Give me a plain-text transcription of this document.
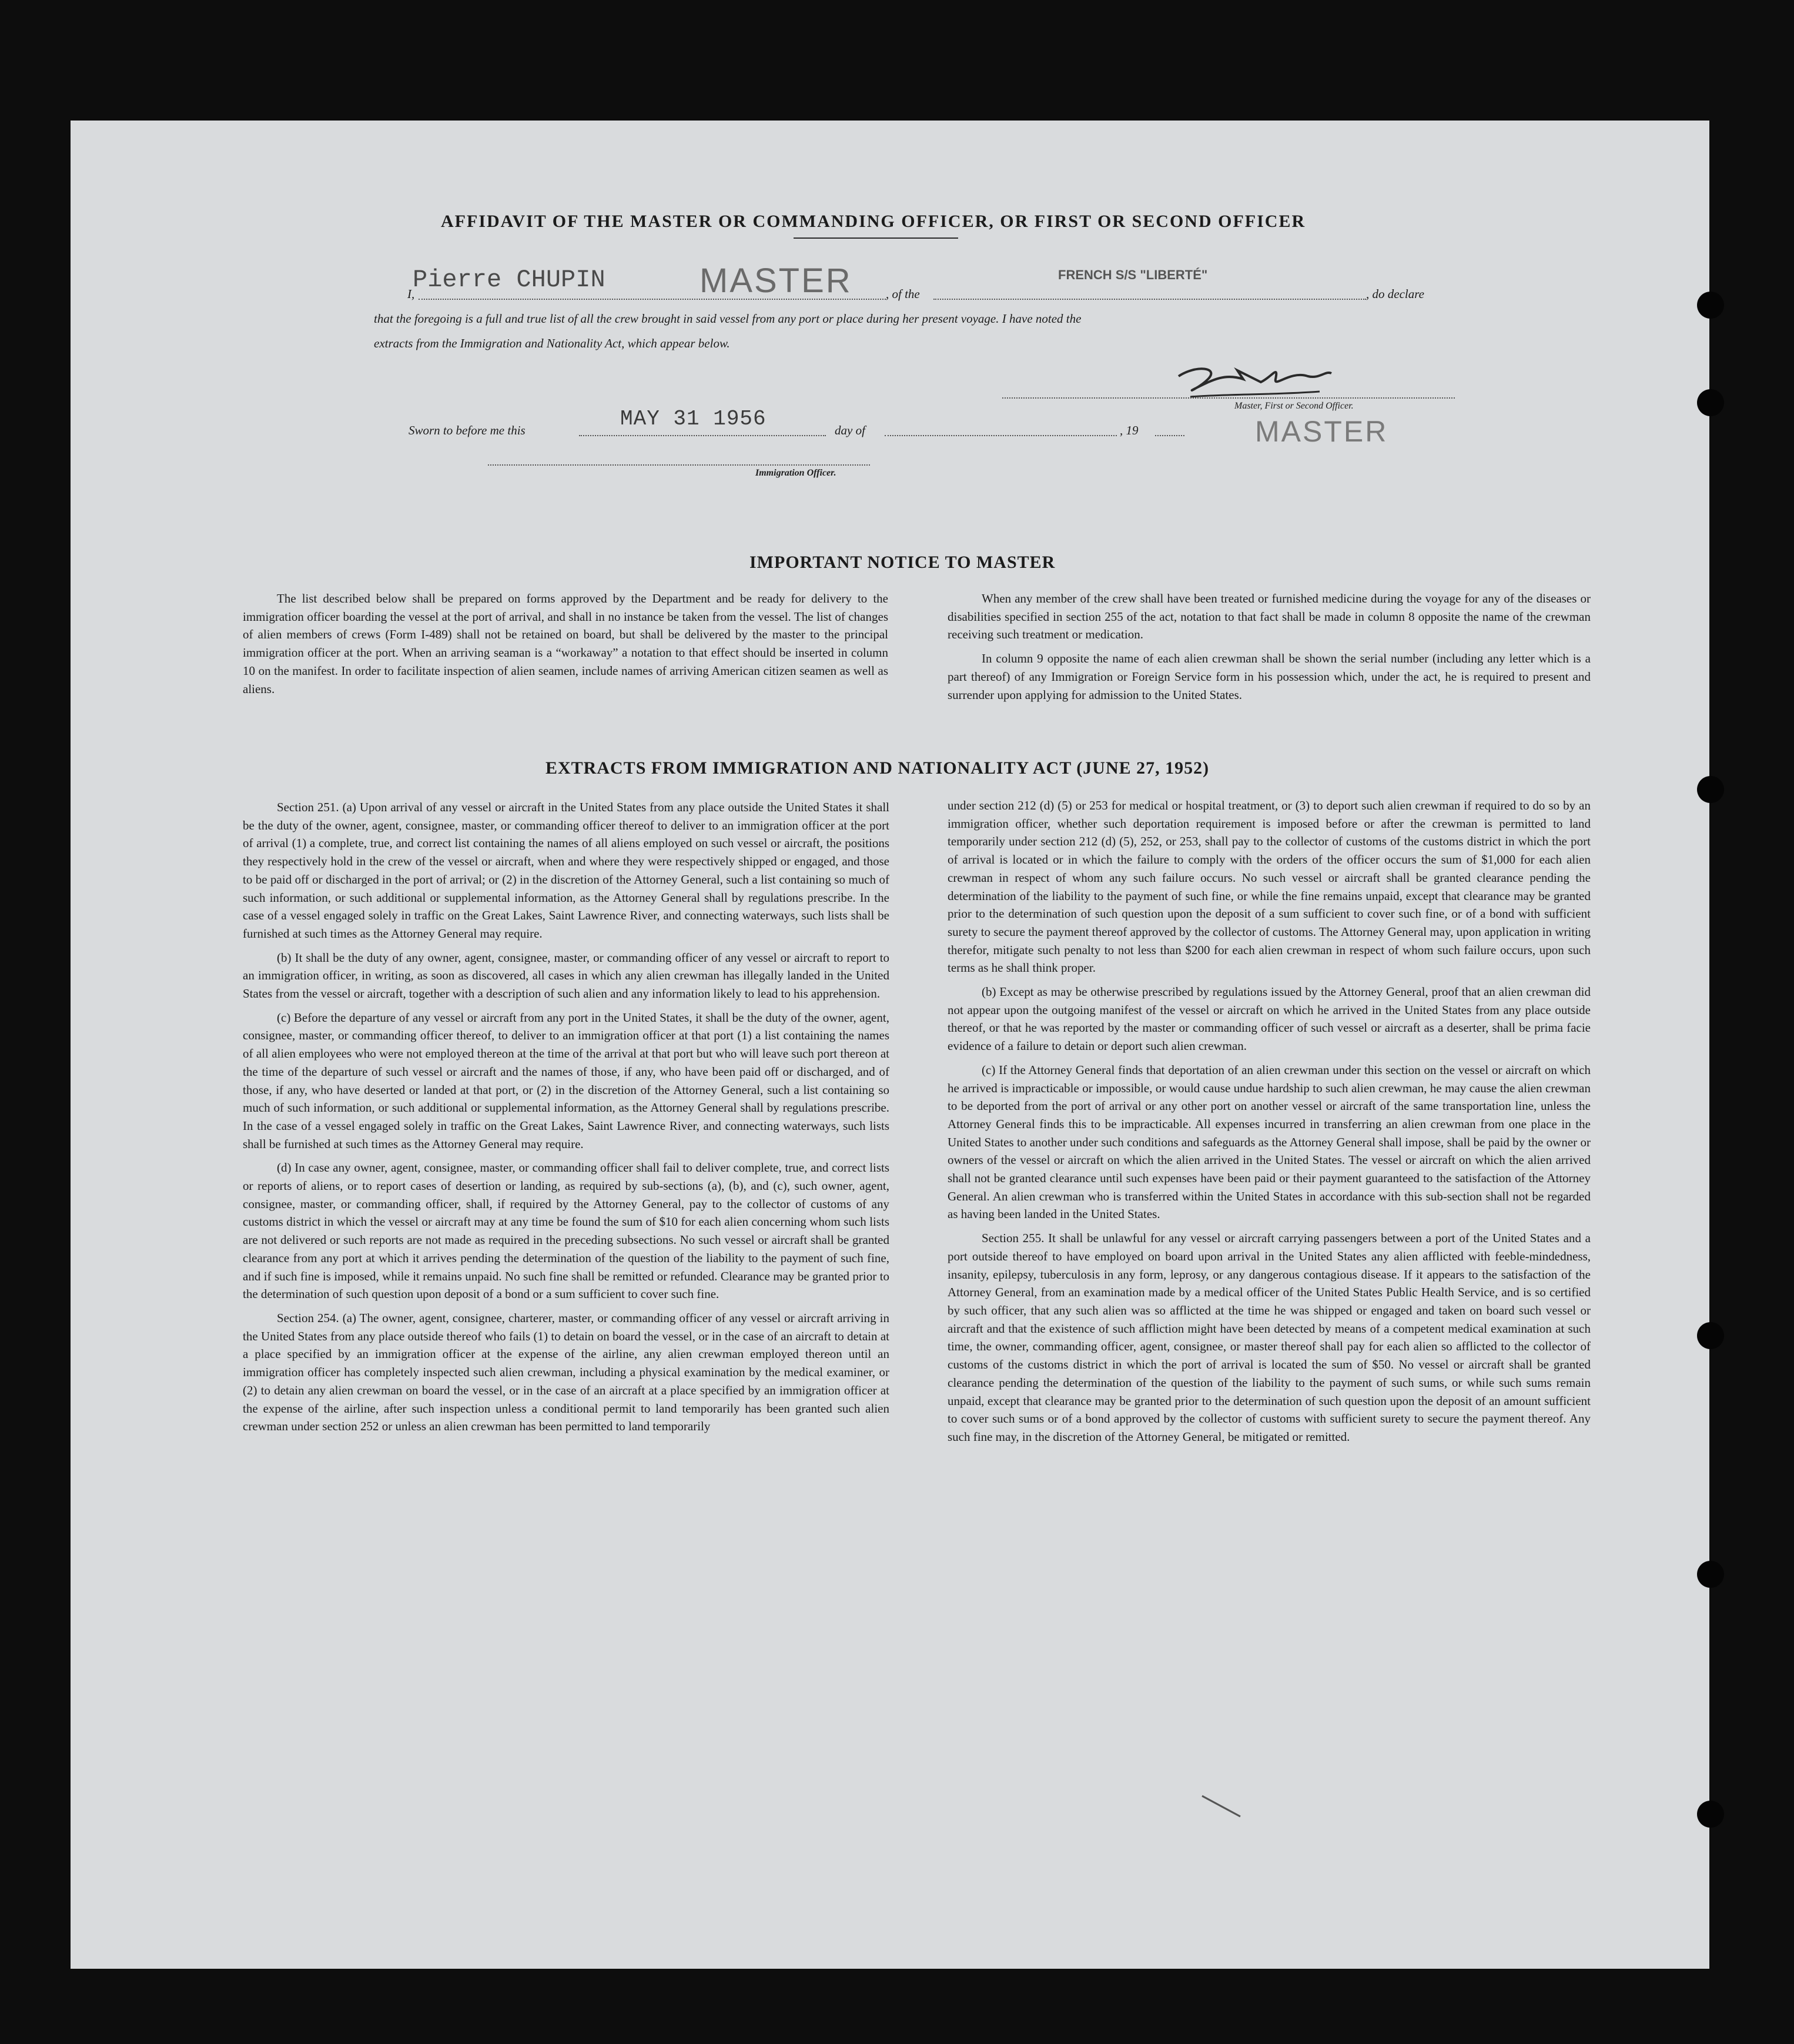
AFFIDAVIT OF THE MASTER OR COMMANDING OFFICER, OR FIRST OR SECOND OFFICER
I,
Pierre CHUPIN	MASTER	, of the
FRENCH S/S "LIBERTÉ"
, do declare
that the foregoing is a full and true list of all the crew brought in said vessel from any port or place during her present voyage. I have noted the
extracts from the Immigration and Nationality Act, which appear below.
Master, First or Second Officer.
MASTER
Sworn to before me this	MAY 31 1956	day of	, 19
Immigration Officer.
IMPORTANT NOTICE TO MASTER

The list described below shall be prepared on forms approved by the Department and be ready for delivery to the immigration officer boarding the vessel at the port of arrival, and shall in no instance be taken from the vessel. The list of changes of alien members of crews (Form I-489) shall not be retained on board, but shall be delivered by the master to the principal immigration officer at the port. When an arriving seaman is a “workaway” a notation to that effect should be inserted in column 10 on the manifest. In order to facilitate inspection of alien seamen, include names of arriving American citizen seamen as well as aliens.

When any member of the crew shall have been treated or furnished medicine during the voyage for any of the diseases or disabilities specified in section 255 of the act, notation to that fact shall be made in column 8 opposite the name of the crewman receiving such treatment or medication.

In column 9 opposite the name of each alien crewman shall be shown the serial number (including any letter which is a part thereof) of any Immigration or Foreign Service form in his possession which, under the act, he is required to present and surrender upon applying for admission to the United States.

EXTRACTS FROM IMMIGRATION AND NATIONALITY ACT (JUNE 27, 1952)

Section 251. (a) Upon arrival of any vessel or aircraft in the United States from any place outside the United States it shall be the duty of the owner, agent, consignee, master, or commanding officer thereof to deliver to an immigration officer at the port of arrival (1) a complete, true, and correct list containing the names of all aliens employed on such vessel or aircraft, the positions they respectively hold in the crew of the vessel or aircraft, when and where they were respectively shipped or engaged, and those to be paid off or discharged in the port of arrival; or (2) in the discretion of the Attorney General, such a list containing so much of such information, or such additional or supplemental information, as the Attorney General shall by regulations prescribe. In the case of a vessel engaged solely in traffic on the Great Lakes, Saint Lawrence River, and connecting waterways, such lists shall be furnished at such times as the Attorney General may require.

(b) It shall be the duty of any owner, agent, consignee, master, or commanding officer of any vessel or aircraft to report to an immigration officer, in writing, as soon as discovered, all cases in which any alien crewman has illegally landed in the United States from the vessel or aircraft, together with a description of such alien and any information likely to lead to his apprehension.

(c) Before the departure of any vessel or aircraft from any port in the United States, it shall be the duty of the owner, agent, consignee, master, or commanding officer thereof, to deliver to an immigration officer at that port (1) a list containing the names of all alien employees who were not employed thereon at the time of the arrival at that port but who will leave such port thereon at the time of the departure of such vessel or aircraft and the names of those, if any, who have been paid off or discharged, and of those, if any, who have deserted or landed at that port, or (2) in the discretion of the Attorney General, such a list containing so much of such information, or such additional or supplemental information, as the Attorney General shall by regulations prescribe. In the case of a vessel engaged solely in traffic on the Great Lakes, Saint Lawrence River, and connecting waterways, such lists shall be furnished at such times as the Attorney General may require.

(d) In case any owner, agent, consignee, master, or commanding officer shall fail to deliver complete, true, and correct lists or reports of aliens, or to report cases of desertion or landing, as required by sub-sections (a), (b), and (c), such owner, agent, consignee, master, or commanding officer, shall, if required by the Attorney General, pay to the collector of customs of any customs district in which the vessel or aircraft may at any time be found the sum of $10 for each alien concerning whom such lists are not delivered or such reports are not made as required in the preceding subsections. No such vessel or aircraft shall be granted clearance from any port at which it arrives pending the determination of the question of the liability to the payment of such fine, and if such fine is imposed, while it remains unpaid. No such fine shall be remitted or refunded. Clearance may be granted prior to the determination of such question upon deposit of a bond or a sum sufficient to cover such fine.

Section 254. (a) The owner, agent, consignee, charterer, master, or commanding officer of any vessel or aircraft arriving in the United States from any place outside thereof who fails (1) to detain on board the vessel, or in the case of an aircraft to detain at a place specified by an immigration officer at the expense of the airline, any alien crewman employed thereon until an immigration officer has completely inspected such alien crewman, including a physical examination by the medical examiner, or (2) to detain any alien crewman on board the vessel, or in the case of an aircraft at a place specified by an immigration officer at the expense of the airline, after such inspection unless a conditional permit to land temporarily has been granted such alien crewman under section 252 or unless an alien crewman has been permitted to land temporarily

under section 212 (d) (5) or 253 for medical or hospital treatment, or (3) to deport such alien crewman if required to do so by an immigration officer, whether such deportation requirement is imposed before or after the crewman is permitted to land temporarily under section 212 (d) (5), 252, or 253, shall pay to the collector of customs of the customs district in which the port of arrival is located or in which the failure to comply with the orders of the officer occurs the sum of $1,000 for each alien crewman in respect of whom any such failure occurs. No such vessel or aircraft shall be granted clearance pending the determination of the liability to the payment of such fine, or while the fine remains unpaid, except that clearance may be granted prior to the determination of such question upon the deposit of a sum sufficient to cover such fine, or of a bond with sufficient surety to secure the payment thereof approved by the collector of customs. The Attorney General may, upon application in writing therefor, mitigate such penalty to not less than $200 for each alien crewman in respect of whom such failure occurs, upon such terms as he shall think proper.

(b) Except as may be otherwise prescribed by regulations issued by the Attorney General, proof that an alien crewman did not appear upon the outgoing manifest of the vessel or aircraft on which he arrived in the United States from any place outside thereof, or that he was reported by the master or commanding officer of such vessel or aircraft as a deserter, shall be prima facie evidence of a failure to detain or deport such alien crewman.

(c) If the Attorney General finds that deportation of an alien crewman under this section on the vessel or aircraft on which he arrived is impracticable or impossible, or would cause undue hardship to such alien crewman, he may cause the alien crewman to be deported from the port of arrival or any other port on another vessel or aircraft of the same transportation line, unless the Attorney General finds this to be impracticable. All expenses incurred in transferring an alien crewman from one place in the United States to another under such conditions and safeguards as the Attorney General shall impose, shall be paid by the owner or owners of the vessel or aircraft on which the alien arrived in the United States. The vessel or aircraft on which the alien arrived shall not be granted clearance until such expenses have been paid or their payment guaranteed to the satisfaction of the Attorney General. An alien crewman who is transferred within the United States in accordance with this sub-section shall not be regarded as having been landed in the United States.

Section 255. It shall be unlawful for any vessel or aircraft carrying passengers between a port of the United States and a port outside thereof to have employed on board upon arrival in the United States any alien afflicted with feeble-mindedness, insanity, epilepsy, tuberculosis in any form, leprosy, or any dangerous contagious disease. If it appears to the satisfaction of the Attorney General, from an examination made by a medical officer of the United States Public Health Service, and is so certified by such officer, that any such alien was so afflicted at the time he was shipped or engaged and taken on board such vessel or aircraft and that the existence of such affliction might have been detected by means of a competent medical examination at such time, the owner, commanding officer, agent, consignee, or master thereof shall pay for each alien so afflicted to the collector of customs of the customs district in which the port of arrival is located the sum of $50. No vessel or aircraft shall be granted clearance pending the determination of the question of the liability to the payment of such sums, or while such sums remain unpaid, except that clearance may be granted prior to the determination of such question upon the deposit of an amount sufficient to cover such sums or of a bond approved by the collector of customs with sufficient surety to secure the payment thereof. Any such fine may, in the discretion of the Attorney General, be mitigated or remitted.
